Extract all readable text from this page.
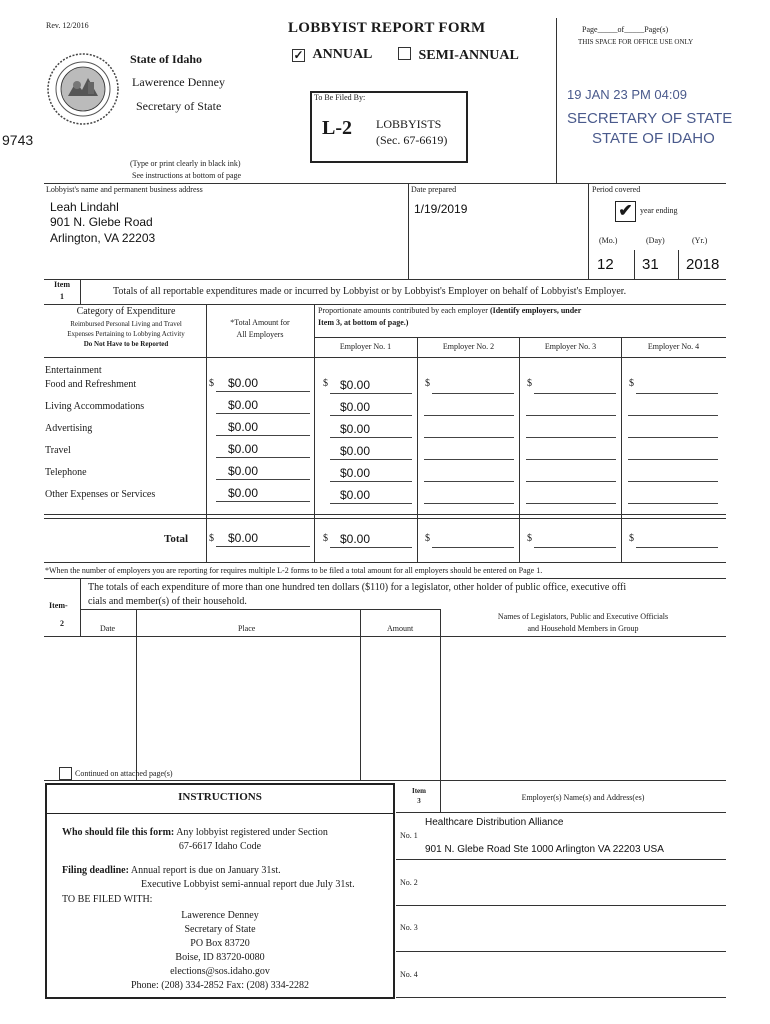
Rev. 12/2016	LOBBYIST REPORT FORM
✓ ANNUAL	SEMI-ANNUAL
Page_____of_____Page(s)
THIS SPACE FOR OFFICE USE ONLY
State of Idaho
Lawerence Denney
Secretary of State
To Be Filed By:
L-2 LOBBYISTS
(Sec. 67-6619)
9743
(Type or print clearly in black ink)
See instructions at bottom of page
19 JAN 23 PM 04:09
SECRETARY OF STATE
STATE OF IDAHO
Lobbyist's name and permanent business address
Leah Lindahl
901 N. Glebe Road
Arlington, VA 22203
Date prepared
1/19/2019
Period covered
✔ year ending
(Mo.)	(Day)	(Yr.)
12 31 2018
Item
1	Totals of all reportable expenditures made or incurred by Lobbyist or by Lobbyist's Employer on behalf of Lobbyist's Employer.
Category of Expenditure
Reimbursed Personal Living and Travel
Expenses Pertaining to Lobbying Activity
Do Not Have to be Reported
*Total Amount for
All Employers
Proportionate amounts contributed by each employer (Identify employers, under
Item 3, at bottom of page.)
Employer No. 1	Employer No. 2	Employer No. 3	Employer No. 4
Entertainment
Food and Refreshment	$ $0.00	$ $0.00	$	$	$
Living Accommodations	$0.00	$0.00
Advertising	$0.00	$0.00
Travel	$0.00	$0.00
Telephone	$0.00	$0.00
Other Expenses or Services	$0.00	$0.00
Total $ $0.00	$ $0.00	$	$	$
*When the number of employers you are reporting for requires multiple L-2 forms to be filed a total amount for all employers should be entered on Page 1.
Item-
2
The totals of each expenditure of more than one hundred ten dollars ($110) for a legislator, other holder of public office, executive offi
cials and member(s) of their household.
Date	Place	Amount
Names of Legislators, Public and Executive Officials
and Household Members in Group
Continued on attached page(s)
INSTRUCTIONS
Who should file this form: Any lobbyist registered under Section
67-6617 Idaho Code
Filing deadline: Annual report is due on January 31st.
Executive Lobbyist semi-annual report due July 31st.
TO BE FILED WITH:
Lawerence Denney
Secretary of State
PO Box 83720
Boise, ID 83720-0080
elections@sos.idaho.gov
Phone: (208) 334-2852 Fax: (208) 334-2282
Item
3	Employer(s) Name(s) and Address(es)
No. 1
Healthcare Distribution Alliance
901 N. Glebe Road Ste 1000 Arlington VA 22203 USA
No. 2
No. 3
No. 4
